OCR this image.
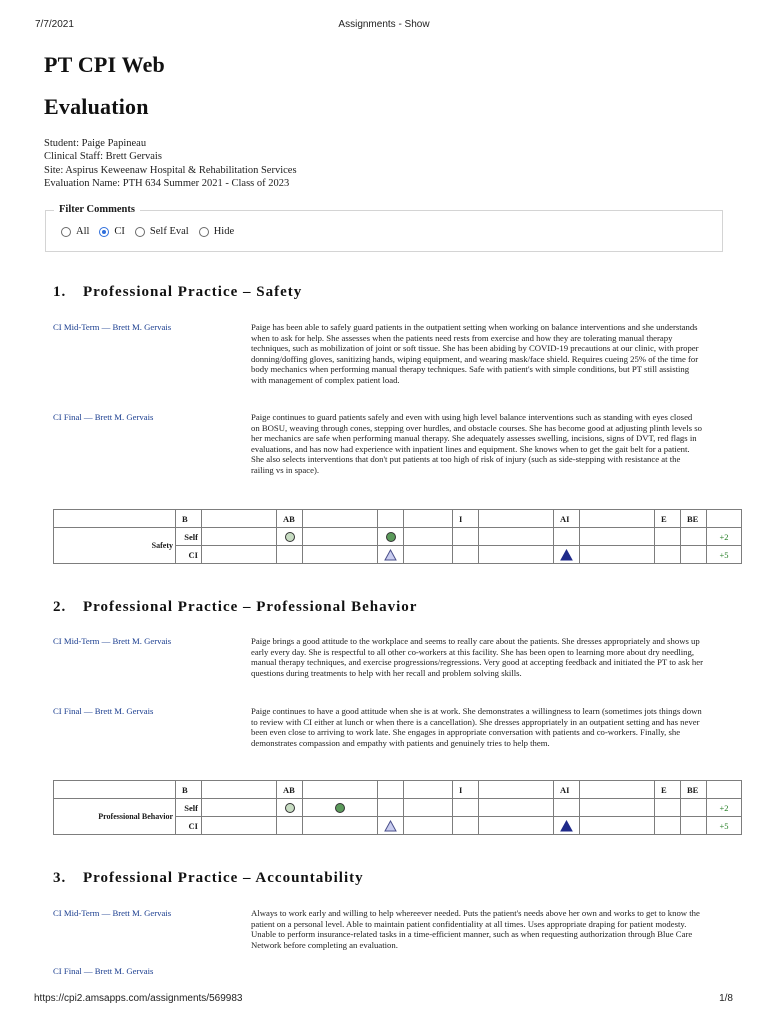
7/7/2021	Assignments - Show
PT CPI Web
Evaluation
Student: Paige Papineau
Clinical Staff: Brett Gervais
Site: Aspirus Keweenaw Hospital & Rehabilitation Services
Evaluation Name: PTH 634 Summer 2021 - Class of 2023
Filter Comments
All CI Self Eval Hide
1. Professional Practice – Safety
CI Mid-Term — Brett M. Gervais	Paige has been able to safely guard patients in the outpatient setting when working on balance interventions and she understands when to ask for help. She assesses when the patients need rests from exercise and how they are tolerating manual therapy techniques, such as mobilization of joint or soft tissue. She has been abiding by COVID-19 precautions at our clinic, with proper donning/doffing gloves, sanitizing hands, wiping equipment, and wearing mask/face shield. Requires cueing 25% of the time for body mechanics when performing manual therapy techniques. Safe with patient's with simple conditions, but PT still assisting with management of complex patient load.
CI Final — Brett M. Gervais	Paige continues to guard patients safely and even with using high level balance interventions such as standing with eyes closed on BOSU, weaving through cones, stepping over hurdles, and obstacle courses. She has become good at adjusting plinth levels so her mechanics are safe when performing manual therapy. She adequately assesses swelling, incisions, signs of DVT, red flags in evaluations, and has now had experience with inpatient lines and equipment. She knows when to get the gait belt for a patient. She also selects interventions that don't put patients at too high of risk of injury (such as side-stepping with resistance at the railing vs in space).
	B		AB				I		AI		E	BE	
Safety	Self												+2
	CI												+5
2. Professional Practice – Professional Behavior
CI Mid-Term — Brett M. Gervais	Paige brings a good attitude to the workplace and seems to really care about the patients. She dresses appropriately and shows up early every day. She is respectful to all other co-workers at this facility. She has been open to learning more about dry needling, manual therapy techniques, and exercise progressions/regressions. Very good at accepting feedback and initiated the PT to ask her questions during treatments to help with her recall and problem solving skills.
CI Final — Brett M. Gervais	Paige continues to have a good attitude when she is at work. She demonstrates a willingness to learn (sometimes jots things down to review with CI either at lunch or when there is a cancellation). She dresses appropriately in an outpatient setting and has never been even close to arriving to work late. She engages in appropriate conversation with patients and co-workers. Finally, she demonstrates compassion and empathy with patients and genuinely tries to help them.
	B		AB				I		AI		E	BE	
Professional Behavior	Self												+2
	CI												+5
3. Professional Practice – Accountability
CI Mid-Term — Brett M. Gervais	Always to work early and willing to help whereever needed. Puts the patient's needs above her own and works to get to know the patient on a personal level. Able to maintain patient confidentiality at all times. Uses appropriate draping for patient modesty. Unable to perform insurance-related tasks in a time-efficient manner, such as when requesting authorization through Blue Care Network before completing an evaluation.
CI Final — Brett M. Gervais
https://cpi2.amsapps.com/assignments/569983	1/8
